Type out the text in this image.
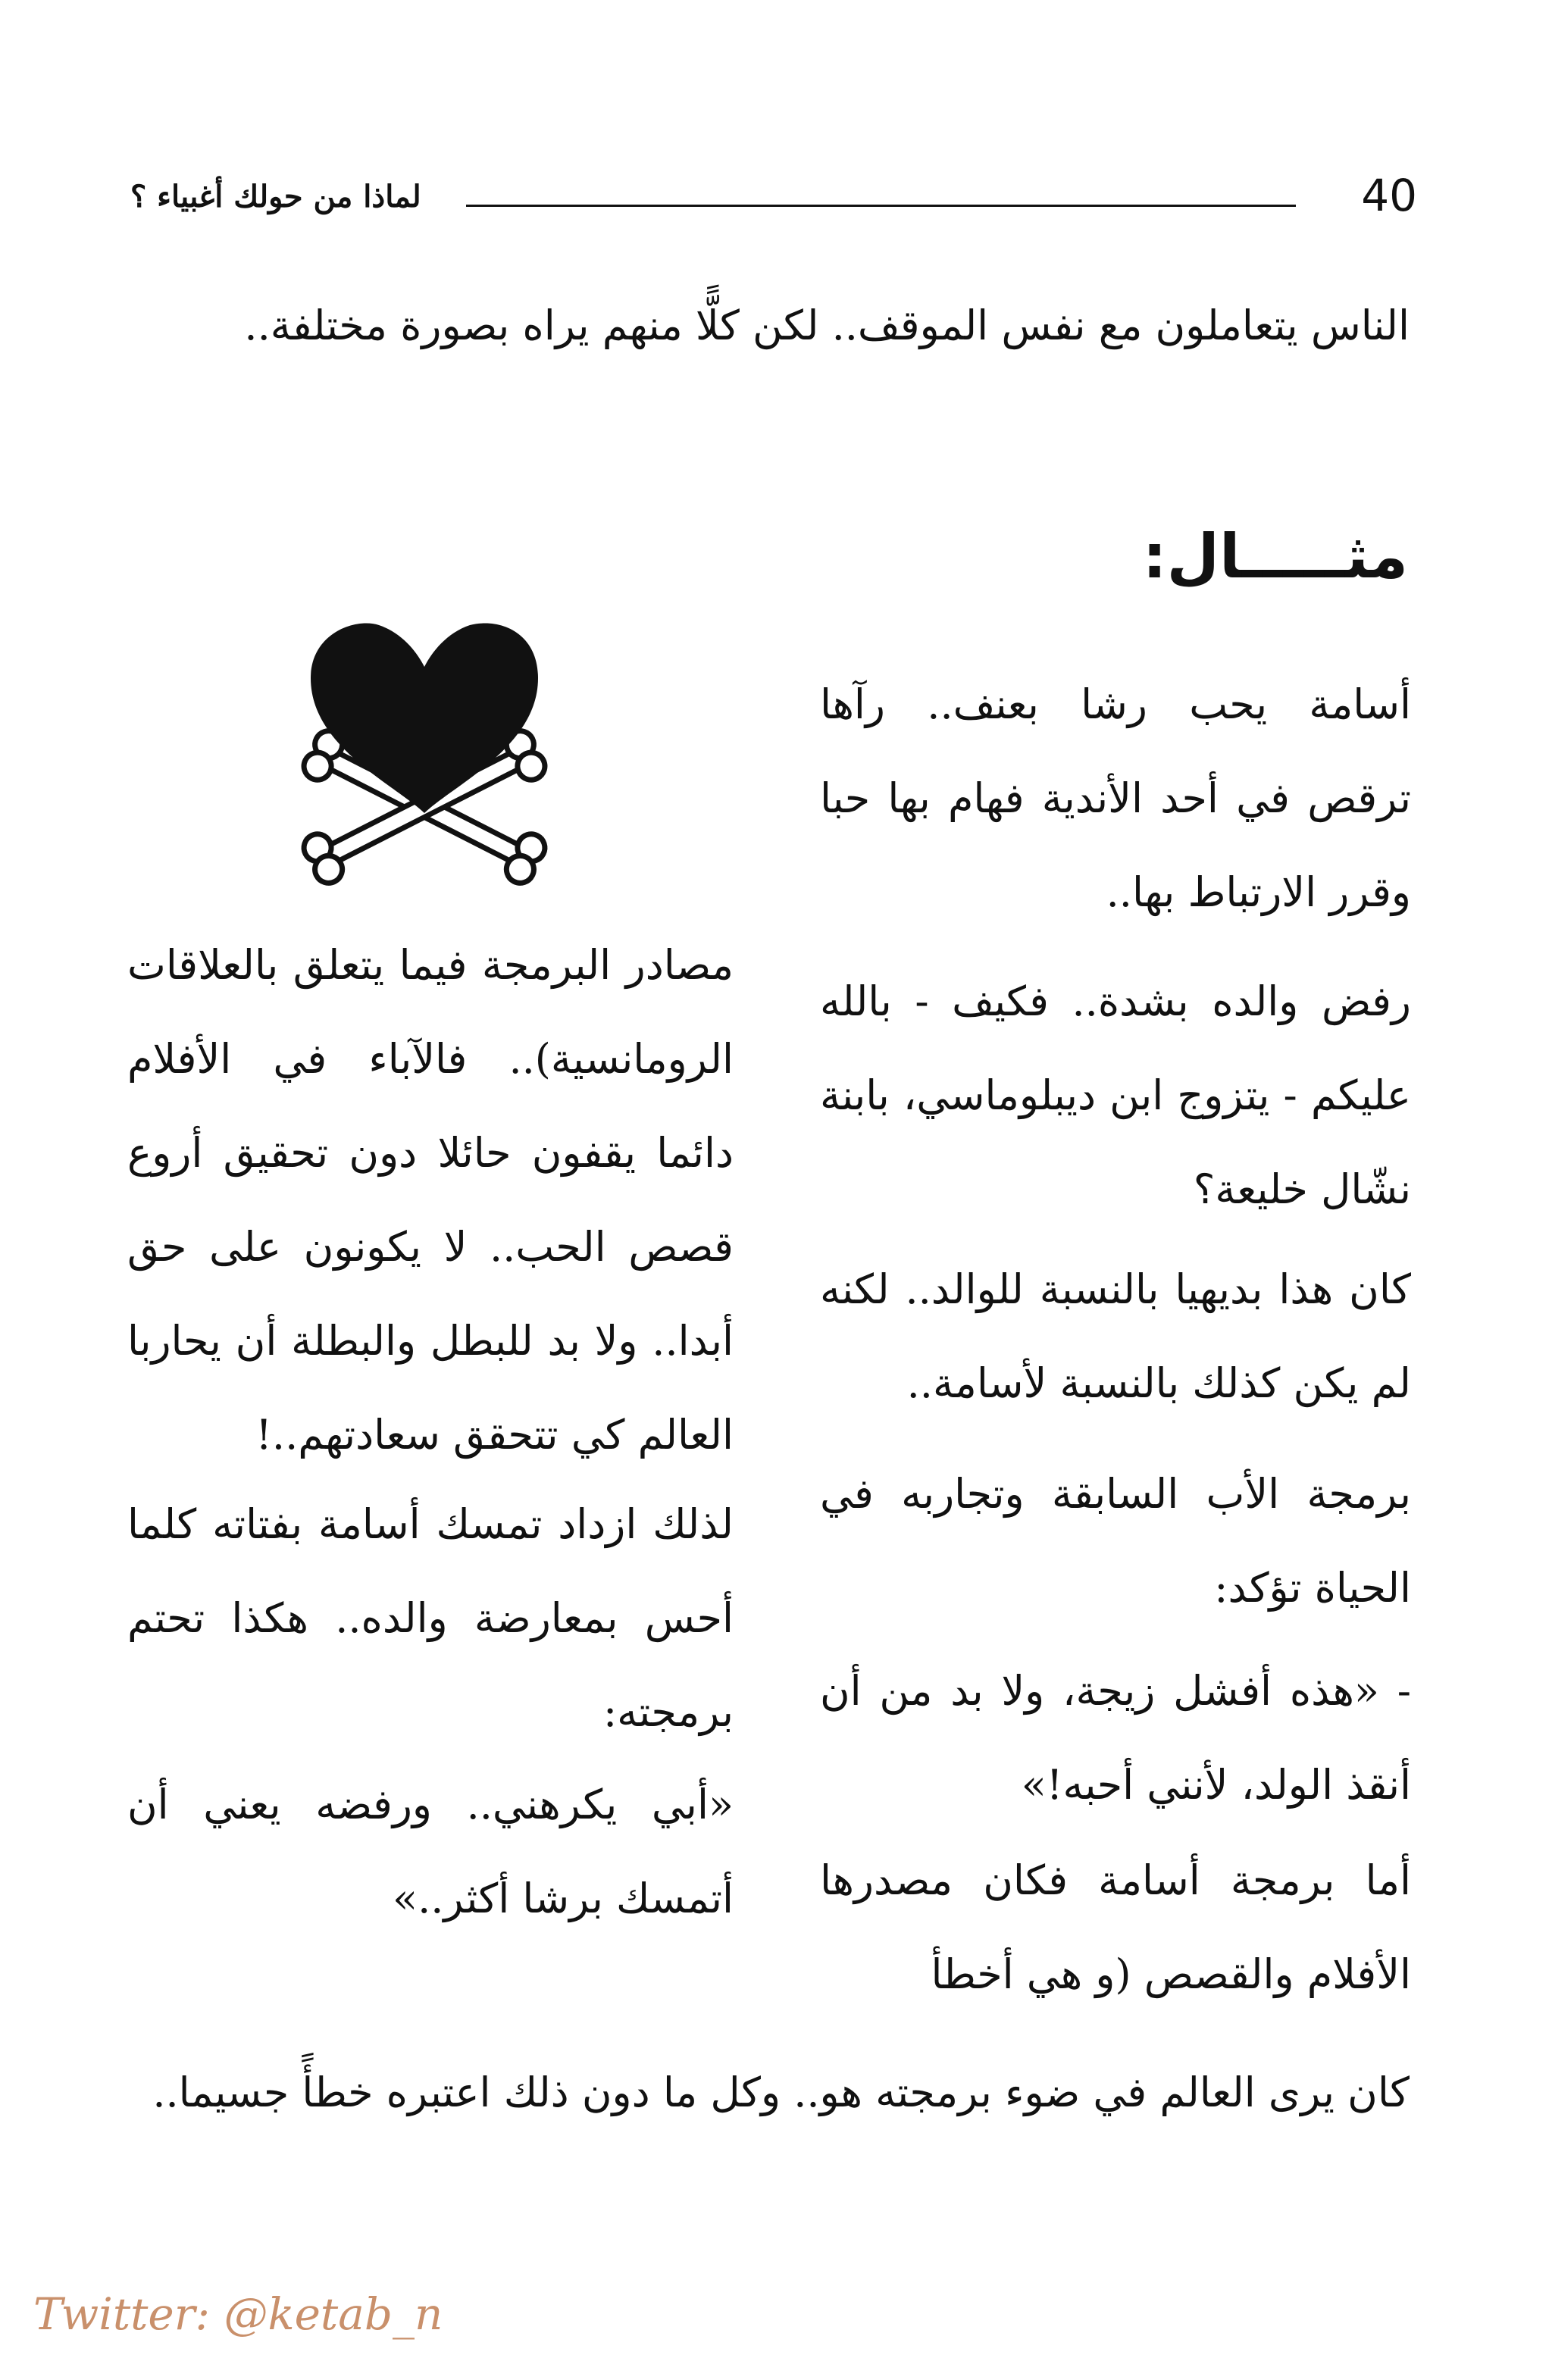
لماذا من حولك أغبياء ؟	40

الناس يتعاملون مع نفس الموقف.. لكن كلًّا منهم يراه بصورة مختلفة..

مثـــــال:

أسامة يحب رشا بعنف.. رآها ترقص في أحد الأندية فهام بها حبا وقرر الارتباط بها..

رفض والده بشدة.. فكيف - بالله عليكم - يتزوج ابن ديبلوماسي، بابنة نشّال خليعة؟

كان هذا بديهيا بالنسبة للوالد.. لكنه لم يكن كذلك بالنسبة لأسامة..

برمجة الأب السابقة وتجاربه في الحياة تؤكد:

- «هذه أفشل زيجة، ولا بد من أن أنقذ الولد، لأنني أحبه!»

أما برمجة أسامة فكان مصدرها الأفلام والقصص (و هي أخطأ

مصادر البرمجة فيما يتعلق بالعلاقات الرومانسية).. فالآباء في الأفلام دائما يقفون حائلا دون تحقيق أروع قصص الحب.. لا يكونون على حق أبدا.. ولا بد للبطل والبطلة أن يحاربا العالم كي تتحقق سعادتهم..!

لذلك ازداد تمسك أسامة بفتاته كلما أحس بمعارضة والده.. هكذا تحتم برمجته:

«أبي يكرهني.. ورفضه يعني أن أتمسك برشا أكثر..»

كان يرى العالم في ضوء برمجته هو.. وكل ما دون ذلك اعتبره خطأً جسيما..

Twitter: @ketab_n
